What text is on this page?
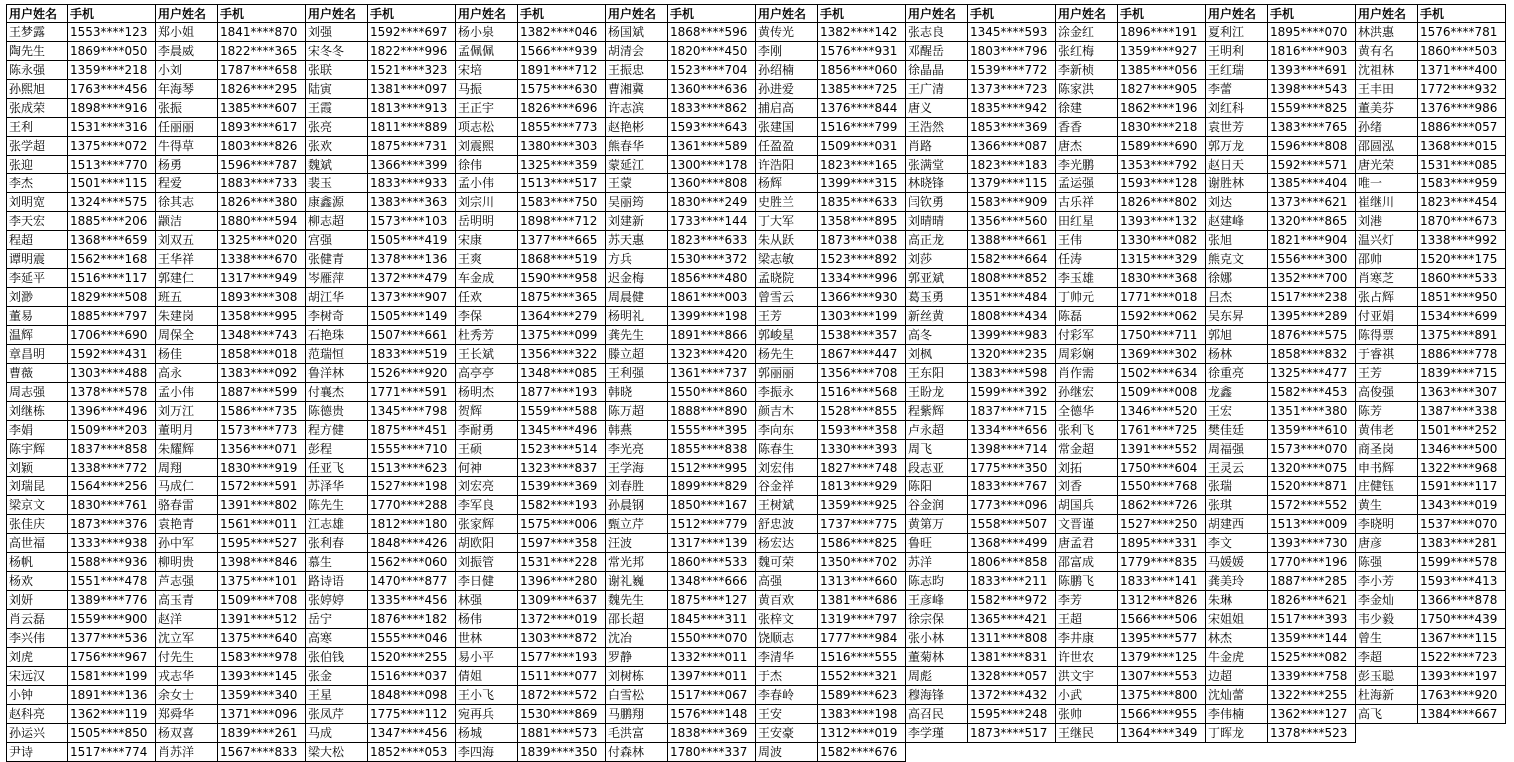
用户姓名	手机
王梦露	1553****123
陶先生	1869****050
陈永强	1359****218
孙熙旭	1763****456
张成荣	1898****916
王利	1531****316
张学超	1375****072
张迎	1513****770
李杰	1501****115
刘明宽	1324****575
李天宏	1885****206
程超	1368****659
谭明震	1562****168
李延平	1516****117
刘渺	1829****508
董易	1885****797
温辉	1706****690
章昌明	1592****431
曹薇	1303****488
周志强	1378****578
刘继栋	1396****496
李娟	1509****203
陈宇辉	1837****858
刘颖	1338****772
刘瑞昆	1564****256
梁京文	1830****761
张佳庆	1873****376
高世福	1333****938
杨帆	1588****936
杨欢	1551****478
刘妍	1389****776
肖云磊	1559****900
李兴伟	1377****536
刘虎	1756****967
宋远汉	1581****199
小钟	1891****136
赵科亮	1362****119
孙运兴	1505****850
尹诗	1517****774
用户姓名	手机
郑小姐	1841****870
李晨威	1822****365
小刘	1787****658
年海琴	1826****295
张振	1385****607
任丽丽	1893****617
牛得草	1803****826
杨勇	1596****787
程爱	1883****733
徐其志	1826****380
颛洁	1880****594
刘双五	1325****020
王华祥	1338****670
郭建仁	1317****949
班五	1893****308
朱建岗	1358****995
周保全	1348****743
杨佳	1858****018
高永	1383****092
孟小伟	1887****599
刘万江	1586****735
董明月	1573****773
朱耀辉	1356****071
周翔	1830****919
马成仁	1572****591
骆春雷	1391****802
袁艳青	1561****011
孙中军	1595****527
柳明贵	1398****846
芦志强	1375****101
高玉青	1509****708
赵洋	1391****512
沈立军	1375****640
付先生	1583****978
戎志华	1393****145
余女士	1359****340
郑舜华	1371****096
杨双喜	1839****261
肖苏洋	1567****833
用户姓名	手机
刘强	1592****697
宋冬冬	1822****996
张联	1521****323
陆寅	1381****097
王霞	1813****913
张亮	1811****889
张欢	1875****731
魏斌	1366****399
裴玉	1833****933
康鑫源	1383****363
柳志超	1573****103
宫强	1505****419
张健青	1378****136
岑雁萍	1372****479
胡江华	1373****907
李树奇	1505****149
石艳珠	1507****661
范瑞恒	1833****519
鲁洋林	1526****920
付襄杰	1771****591
陈德贵	1345****798
程方健	1875****451
彭程	1555****710
任亚飞	1513****623
苏泽华	1527****198
陈先生	1770****288
江志雄	1812****180
张利春	1848****426
慕生	1562****060
路诗语	1470****877
张婷婷	1335****456
岳宁	1876****182
高寒	1555****046
张伯钱	1520****255
张金	1516****037
王星	1848****098
张凤芹	1775****112
马成	1347****456
梁大松	1852****053
用户姓名	手机
杨小泉	1382****046
孟佩佩	1566****939
宋培	1891****712
马振	1575****630
王正宇	1826****696
项志松	1855****773
刘震熙	1380****303
徐伟	1325****359
孟小伟	1513****517
刘宗川	1583****750
岳明明	1898****712
宋康	1377****665
王爽	1868****519
车金成	1590****958
任欢	1875****365
李保	1364****279
杜秀芳	1375****099
王长斌	1356****322
高亭亭	1348****085
杨明杰	1877****193
贺辉	1559****588
李耐勇	1345****496
王硕	1523****514
何神	1323****837
刘宏亮	1539****369
李军良	1582****193
张家辉	1575****006
胡欧阳	1597****358
刘振管	1531****228
李日健	1396****280
林强	1309****637
杨伟	1372****019
世林	1303****872
易小平	1577****193
倩姐	1511****077
王小飞	1872****572
宛再兵	1530****869
杨城	1881****573
李四海	1839****350
用户姓名	手机
杨国斌	1868****596
胡清会	1820****450
王振忠	1523****704
曹湘冀	1360****636
许志滨	1833****862
赵艳彬	1593****643
熊春华	1361****589
蒙延江	1300****178
王蒙	1360****808
吴丽筠	1830****249
刘建新	1733****144
苏天惠	1823****633
方兵	1530****372
迟金梅	1856****480
周晨健	1861****003
杨明礼	1399****198
龚先生	1891****866
滕立超	1323****420
王利强	1361****737
韩晓	1550****860
陈万超	1888****890
韩燕	1555****395
李光亮	1855****838
王学海	1512****995
刘春胜	1899****829
孙晨钢	1850****167
甄立芹	1512****779
汪波	1317****139
常光邦	1860****533
谢礼巍	1348****666
魏先生	1875****127
邵长超	1845****311
沈冶	1550****070
罗静	1332****011
刘树栋	1397****011
白雪松	1517****067
马鹏翔	1576****148
毛洪富	1838****369
付森林	1780****337
用户姓名	手机
黄传光	1382****142
李刚	1576****931
孙绍楠	1856****060
孙进爱	1385****725
捕启高	1376****844
张建国	1516****799
任盈盈	1509****031
许浩阳	1823****165
杨辉	1399****315
史胜兰	1835****633
丁大军	1358****895
朱从跃	1873****038
梁志敏	1523****892
孟晓院	1334****996
曾雪云	1366****930
王芳	1303****199
郭峻星	1538****357
杨先生	1867****447
郭丽丽	1356****708
李振永	1516****568
颜吉木	1528****855
李向东	1593****358
陈春生	1330****393
刘宏伟	1827****748
谷金祥	1813****929
王树斌	1359****925
舒忠波	1737****775
杨宏达	1586****825
魏可荣	1350****702
高强	1313****660
黄百欢	1381****686
张梓文	1319****797
饶顺志	1777****984
李清华	1516****555
于杰	1552****321
李春岭	1589****623
王安	1383****198
王安豪	1312****019
周波	1582****676
用户姓名	手机
张志良	1345****593
邓醒岳	1803****796
徐晶晶	1539****772
王广清	1373****723
唐义	1835****942
王浩然	1853****369
肖路	1366****087
张满堂	1823****183
林晓锋	1379****115
闫钦勇	1583****909
刘晴晴	1356****560
高正龙	1388****661
刘莎	1582****664
郭亚斌	1808****852
葛玉勇	1351****484
新丝黄	1808****434
高冬	1399****983
刘枫	1320****235
王东阳	1383****598
王盼龙	1599****392
程紫辉	1837****715
卢永超	1334****656
周飞	1398****714
段志亚	1775****350
陈阳	1833****767
谷金润	1773****096
黄第万	1558****507
鲁旺	1368****499
苏洋	1806****858
陈志昀	1833****211
王彦峰	1582****972
徐宗保	1365****421
张小林	1311****808
董菊林	1381****831
周彪	1328****057
穆海锋	1372****432
高召民	1595****248
李学瑾	1873****517
用户姓名	手机
涂金红	1896****191
张红梅	1359****927
李新桢	1385****056
陈家洪	1827****905
徐建	1862****196
香香	1830****218
唐杰	1589****690
李光鹏	1353****792
孟运强	1593****128
古乐祥	1826****802
田红星	1393****132
王伟	1330****082
任涛	1315****329
李玉雄	1830****368
丁帅元	1771****018
陈磊	1592****062
付彩军	1750****711
周彩娴	1369****302
肖作需	1502****634
孙继宏	1509****008
全德华	1346****520
张利飞	1761****725
常金超	1391****552
刘拓	1750****604
刘香	1550****768
胡国兵	1862****726
文晋谨	1527****250
唐孟君	1895****331
邵富成	1779****835
陈鹏飞	1833****141
李芳	1312****826
王超	1566****506
李井康	1395****577
许世农	1379****125
洪文宇	1307****553
小武	1375****800
张帅	1566****955
王继民	1364****349
用户姓名	手机
夏利江	1895****070
王明利	1816****903
王红瑞	1393****691
李蕾	1398****543
刘红科	1559****825
袁世芳	1383****765
郭万龙	1596****808
赵日天	1592****571
谢胜林	1385****404
刘达	1373****621
赵建峰	1320****865
张旭	1821****904
熊克文	1556****300
徐娜	1352****700
吕杰	1517****238
吴东昇	1395****289
郭旭	1876****575
杨林	1858****832
徐重亮	1325****477
龙鑫	1582****453
王宏	1351****380
樊佳廷	1359****610
周福强	1573****070
王灵云	1320****075
张瑞	1520****871
张琪	1572****552
胡建西	1513****009
李文	1393****730
马媛媛	1770****196
龚美玲	1887****285
朱琳	1826****621
宋姐姐	1517****393
林杰	1359****144
牛金虎	1525****082
边超	1339****758
沈灿蕾	1322****255
李伟楠	1362****127
丁晖龙	1378****523
用户姓名	手机
林洪惠	1576****781
黄有名	1860****503
沈祖林	1371****400
王丰田	1772****932
董美芬	1376****986
孙绪	1886****057
邵圆泓	1368****015
唐光荣	1531****085
唯一	1583****959
崔继川	1823****454
刘港	1870****673
温兴灯	1338****992
邵帅	1520****175
肖寒芝	1860****533
张占辉	1851****950
付亚娟	1534****699
陈得票	1375****891
于睿祺	1886****778
王芳	1839****715
高俊强	1363****307
陈芳	1387****338
黄伟老	1501****252
商圣岗	1346****500
申书辉	1322****968
庄健钰	1591****117
黄生	1343****019
李晓明	1537****070
唐彦	1383****281
陈强	1599****578
李小芳	1593****413
李金灿	1366****878
韦少毅	1750****439
曾生	1367****115
李超	1522****723
彭玉聪	1393****197
杜海新	1763****920
高飞	1384****667
